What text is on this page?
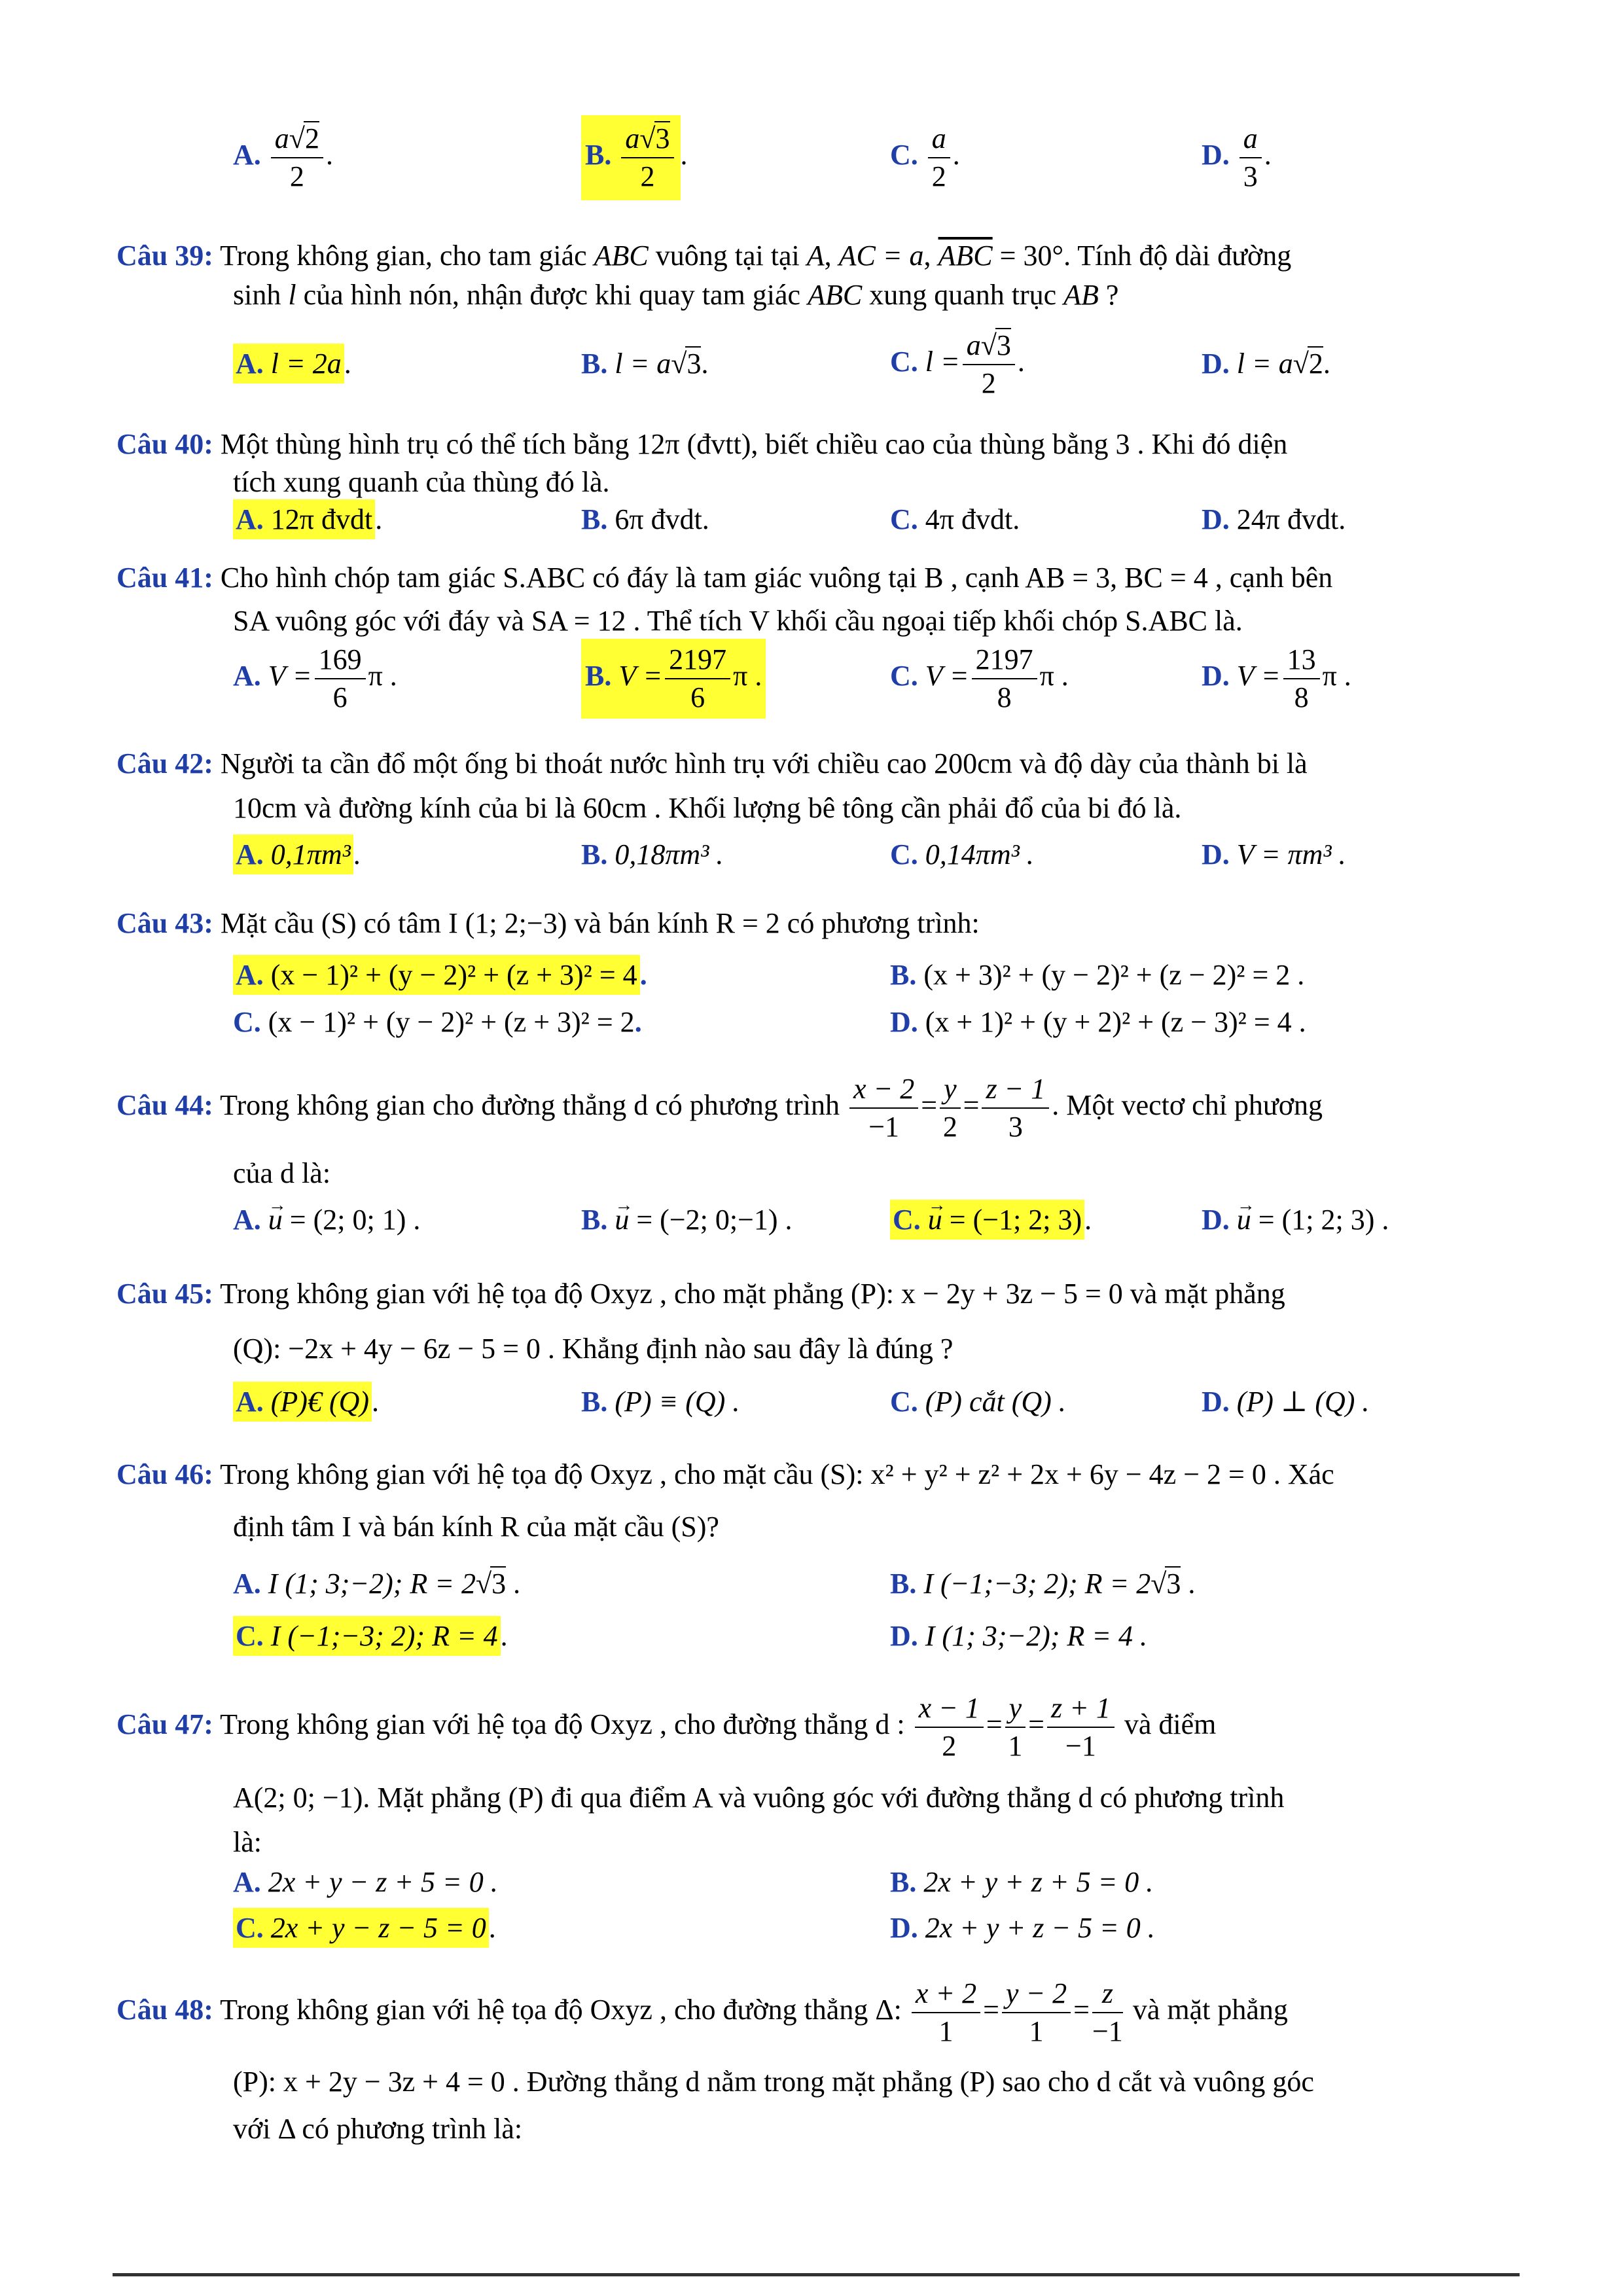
A. $\frac{a√2}{2}$ .	B. $\frac{a√3}{2}$ .	C. $\frac{a}{2}$ .	D. $\frac{a}{3}$ .
Câu 39: Trong không gian, cho tam giác ABC vuông tại tại A, AC = a, $\overline{ABC} = 30^\circ$. Tính độ dài đường
sinh l của hình nón, nhận được khi quay tam giác ABC xung quanh trục AB ?
A. l = 2a.	B. l = a√3.	C. $l = \frac{a√3}{2}$ .	D. l = a√2.
Câu 40: Một thùng hình trụ có thể tích bằng 12π (đvtt), biết chiều cao của thùng bằng 3 . Khi đó diện
tích xung quanh của thùng đó là.
A. 12π đvdt.	B. 6π đvdt.	C. 4π đvdt.	D. 24π đvdt.
Câu 41: Cho hình chóp tam giác S.ABC có đáy là tam giác vuông tại B , cạnh AB = 3, BC = 4 , cạnh bên
SA vuông góc với đáy và SA = 12 . Thể tích V khối cầu ngoại tiếp khối chóp S.ABC là.
A. $V = \frac{169}{6}$ π .	B. $V = \frac{2197}{6}$ π .	C. $V = \frac{2197}{8}$ π .	D. $V = \frac{13}{8}$ π .
Câu 42: Người ta cần đổ một ống bi thoát nước hình trụ với chiều cao 200cm và độ dày của thành bi là
10cm và đường kính của bi là 60cm . Khối lượng bê tông cần phải đổ của bi đó là.
A. 0,1πm³.	B. 0,18πm³ .	C. 0,14πm³ .	D. V = πm³ .
Câu 43: Mặt cầu (S) có tâm I (1; 2;−3) và bán kính R = 2 có phương trình:
A. (x − 1)² + (y − 2)² + (z + 3)² = 4.	B. (x + 3)² + (y − 2)² + (z − 2)² = 2 .
C. (x − 1)² + (y − 2)² + (z + 3)² = 2.	D. (x + 1)² + (y + 2)² + (z − 3)² = 4 .
Câu 44: Trong không gian cho đường thẳng d có phương trình $\frac{x - 2}{-1} = \frac{y}{2} = \frac{z - 1}{3}$ . Một vectơ chỉ phương
của d là:
A. → u = (2; 0; 1) .	B. → u = (−2; 0;−1) .	C. → u = (−1; 2; 3).	D. → u = (1; 2; 3) .
Câu 45: Trong không gian với hệ tọa độ Oxyz , cho mặt phẳng (P): x − 2y + 3z − 5 = 0 và mặt phẳng
(Q): −2x + 4y − 6z − 5 = 0 . Khẳng định nào sau đây là đúng ?
A. (P)€ (Q).	B. (P) ≡ (Q) .	C. (P) cắt (Q) .	D. (P) ⊥ (Q) .
Câu 46: Trong không gian với hệ tọa độ Oxyz , cho mặt cầu (S): x² + y² + z² + 2x + 6y − 4z − 2 = 0 . Xác
định tâm I và bán kính R của mặt cầu (S)?
A. I (1; 3;−2); R = 2√3 .	B. I (−1;−3; 2); R = 2√3 .
C. I (−1;−3; 2); R = 4.	D. I (1; 3;−2); R = 4 .
Câu 47: Trong không gian với hệ tọa độ Oxyz , cho đường thẳng d : $\frac{x - 1}{2} = \frac{y}{1} = \frac{z + 1}{-1}$ và điểm
A(2; 0; −1). Mặt phẳng (P) đi qua điểm A và vuông góc với đường thẳng d có phương trình
là:
A. 2x + y − z + 5 = 0 .	B. 2x + y + z + 5 = 0 .
C. 2x + y − z − 5 = 0.	D. 2x + y + z − 5 = 0 .
Câu 48: Trong không gian với hệ tọa độ Oxyz , cho đường thẳng Δ: $\frac{x + 2}{1} = \frac{y - 2}{1} = \frac{z}{-1}$ và mặt phẳng
(P): x + 2y − 3z + 4 = 0 . Đường thẳng d nằm trong mặt phẳng (P) sao cho d cắt và vuông góc
với Δ có phương trình là:
